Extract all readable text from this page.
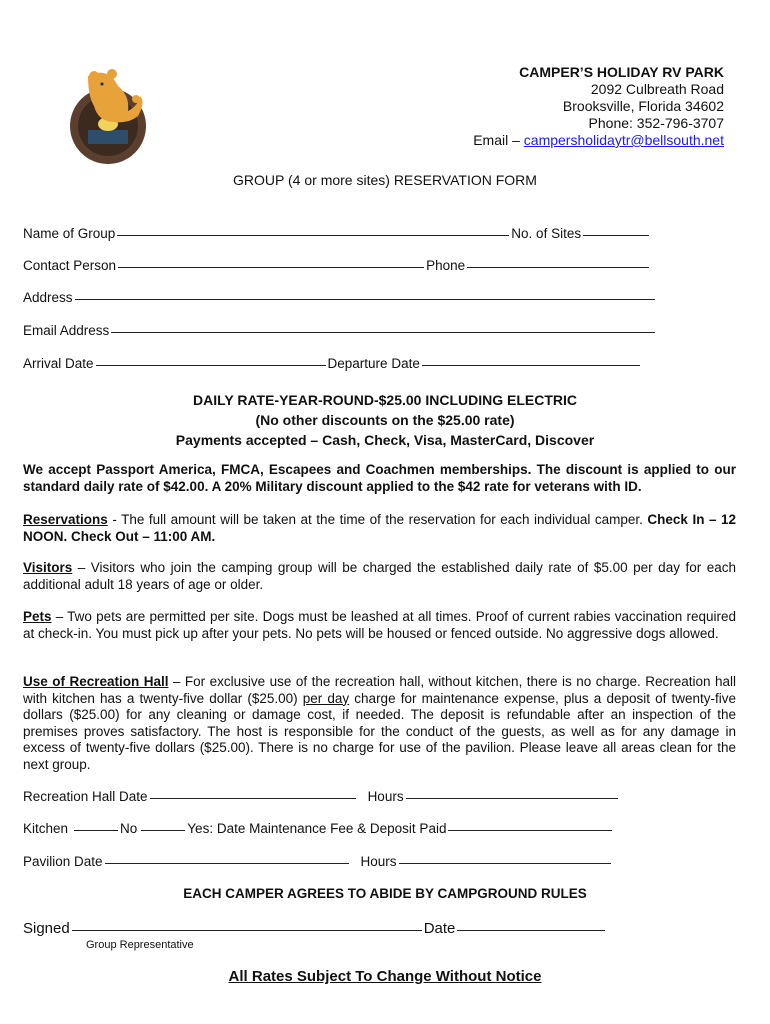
CAMPER’S HOLIDAY RV PARK
2092 Culbreath Road
Brooksville, Florida 34602
Phone: 352-796-3707
Email – campersholidaytr@bellsouth.net
GROUP (4 or more sites) RESERVATION FORM
Name of Group	No. of Sites
Contact Person	Phone
Address
Email Address
Arrival Date	Departure Date
DAILY RATE-YEAR-ROUND-$25.00 INCLUDING ELECTRIC
(No other discounts on the $25.00 rate)
Payments accepted – Cash, Check, Visa, MasterCard, Discover
We accept Passport America, FMCA, Escapees and Coachmen memberships. The discount is applied to our standard daily rate of $42.00. A 20% Military discount applied to the $42 rate for veterans with ID.
Reservations - The full amount will be taken at the time of the reservation for each individual camper. Check In – 12 NOON. Check Out – 11:00 AM.
Visitors – Visitors who join the camping group will be charged the established daily rate of $5.00 per day for each additional adult 18 years of age or older.
Pets – Two pets are permitted per site. Dogs must be leashed at all times. Proof of current rabies vaccination required at check-in. You must pick up after your pets. No pets will be housed or fenced outside. No aggressive dogs allowed.
Use of Recreation Hall – For exclusive use of the recreation hall, without kitchen, there is no charge. Recreation hall with kitchen has a twenty-five dollar ($25.00) per day charge for maintenance expense, plus a deposit of twenty-five dollars ($25.00) for any cleaning or damage cost, if needed. The deposit is refundable after an inspection of the premises proves satisfactory. The host is responsible for the conduct of the guests, as well as for any damage in excess of twenty-five dollars ($25.00). There is no charge for use of the pavilion. Please leave all areas clean for the next group.
Recreation Hall Date	Hours
Kitchen	No	Yes: Date Maintenance Fee & Deposit Paid
Pavilion Date	Hours
EACH CAMPER AGREES TO ABIDE BY CAMPGROUND RULES
Signed	Date
Group Representative
All Rates Subject To Change Without Notice
